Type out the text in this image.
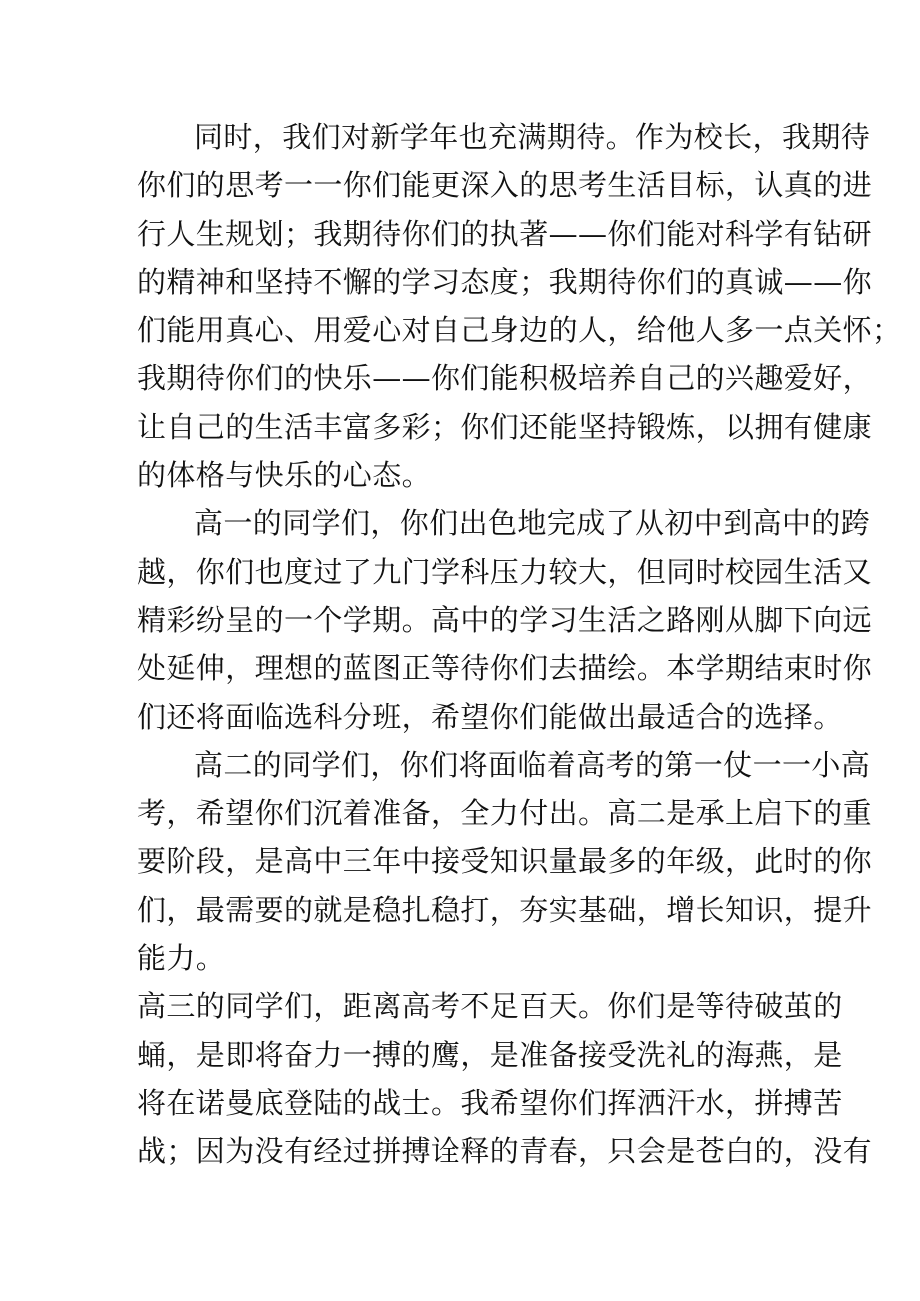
同时，我们对新学年也充满期待。作为校长，我期待
你们的思考一一你们能更深入的思考生活目标，认真的进
行人生规划；我期待你们的执著——你们能对科学有钻研
的精神和坚持不懈的学习态度；我期待你们的真诚——你
们能用真心、用爱心对自己身边的人，给他人多一点关怀；
我期待你们的快乐——你们能积极培养自己的兴趣爱好，
让自己的生活丰富多彩；你们还能坚持锻炼，以拥有健康
的体格与快乐的心态。
高一的同学们，你们出色地完成了从初中到高中的跨
越，你们也度过了九门学科压力较大，但同时校园生活又
精彩纷呈的一个学期。高中的学习生活之路刚从脚下向远
处延伸，理想的蓝图正等待你们去描绘。本学期结束时你
们还将面临选科分班，希望你们能做出最适合的选择。
高二的同学们，你们将面临着高考的第一仗一一小高
考，希望你们沉着准备，全力付出。高二是承上启下的重
要阶段，是高中三年中接受知识量最多的年级，此时的你
们，最需要的就是稳扎稳打，夯实基础，增长知识，提升
能力。
高三的同学们，距离高考不足百天。你们是等待破茧的
蛹，是即将奋力一搏的鹰，是准备接受洗礼的海燕，是
将在诺曼底登陆的战士。我希望你们挥洒汗水，拼搏苦
战；因为没有经过拼搏诠释的青春，只会是苍白的，没有
